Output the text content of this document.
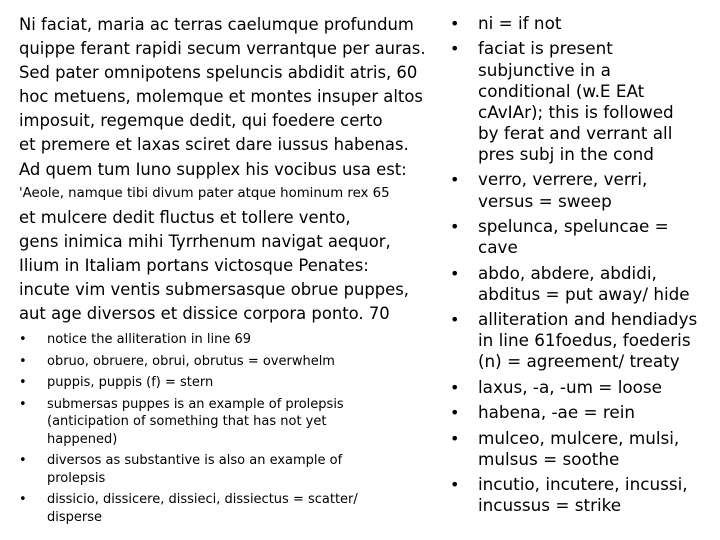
Ni faciat, maria ac terras caelumque profundum
quippe ferant rapidi secum verrantque per auras.
Sed pater omnipotens speluncis abdidit atris, 60
hoc metuens, molemque et montes insuper altos
imposuit, regemque dedit, qui foedere certo
et premere et laxas sciret dare iussus habenas.
Ad quem tum Iuno supplex his vocibus usa est:
'Aeole, namque tibi divum pater atque hominum rex 65
et mulcere dedit fluctus et tollere vento,
gens inimica mihi Tyrrhenum navigat aequor,
Ilium in Italiam portans victosque Penates:
incute vim ventis submersasque obrue puppes,
aut age diversos et dissice corpora ponto. 70
• notice the alliteration in line 69
• obruo, obruere, obrui, obrutus = overwhelm
• puppis, puppis (f) = stern
• submersas puppes is an example of prolepsis
(anticipation of something that has not yet
happened)
• diversos as substantive is also an example of
prolepsis
• dissicio, dissicere, dissieci, dissiectus = scatter/
disperse
• ni = if not
• faciat is present
subjunctive in a
conditional (w.E EAt
cAvIAr); this is followed
by ferat and verrant all
pres subj in the cond
• verro, verrere, verri,
versus = sweep
• spelunca, speluncae =
cave
• abdo, abdere, abdidi,
abditus = put away/ hide
• alliteration and hendiadys
in line 61foedus, foederis
(n) = agreement/ treaty
• laxus, -a, -um = loose
• habena, -ae = rein
• mulceo, mulcere, mulsi,
mulsus = soothe
• incutio, incutere, incussi,
incussus = strike
